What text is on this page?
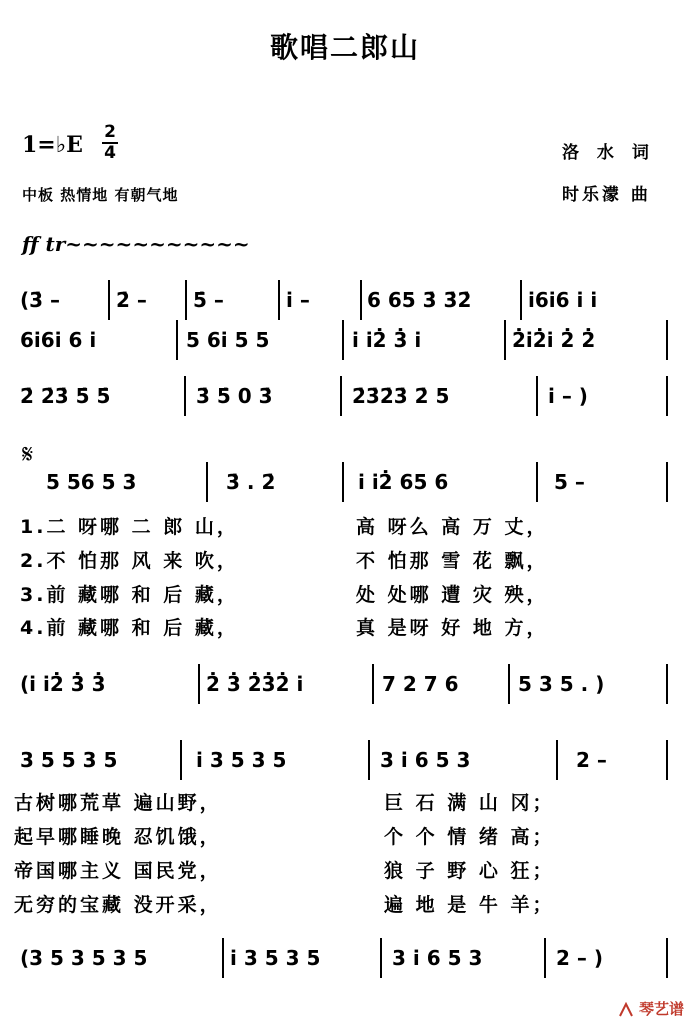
歌唱二郎山
1=♭E 2
4	洛 水 词
时乐濛 曲
中板 热情地 有朝气地
ff tr~~~~~~~~~~~
(3̇ –	2̇ – 5̇ –	i̇ –	6 65 3̇ 3̇2̇	i̇6i̇6 i̇ i̇
6i̇6i̇ 6 i̇	5 6i̇ 5 5	i̇ i̇2̇ 3̇ i̇	2̇i̇2̇i̇ 2̇ 2̇
2̇ 2̇3̇ 5̇ 5̇	3̇ 5̇ 0 3̇	2̇3̇2̇3̇ 2̇ 5	i̇ – )
𝄋
5 56 5 3	3̇ . 2̇	i̇ i̇2̇ 65 6	5 –
1.二 呀哪 二 郎 山，	高 呀么 高 万 丈，
2.不 怕那 风 来 吹，	不 怕那 雪 花 飘，
3.前 藏哪 和 后 藏，	处 处哪 遭 灾 殃，
4.前 藏哪 和 后 藏，	真 是呀 好 地 方，
(i̇ i̇2̇ 3̇ 3̇	2̇ 3̇ 2̇3̇2̇ i̇	7 2 7 6	5 3 5 . )
3 5 5 3 5	i̇ 3 5 3 5	3 i̇ 6 5 3	2 –
古树哪荒草 遍山野，	巨 石 满 山 冈；
起早哪睡晚 忍饥饿，	个 个 情 绪 高；
帝国哪主义 国民党，	狼 子 野 心 狂；
无穷的宝藏 没开采，	遍 地 是 牛 羊；
(3 5 3 5 3 5	i̇ 3 5 3 5	3 i̇ 6 5 3	2 – )
琴艺谱
